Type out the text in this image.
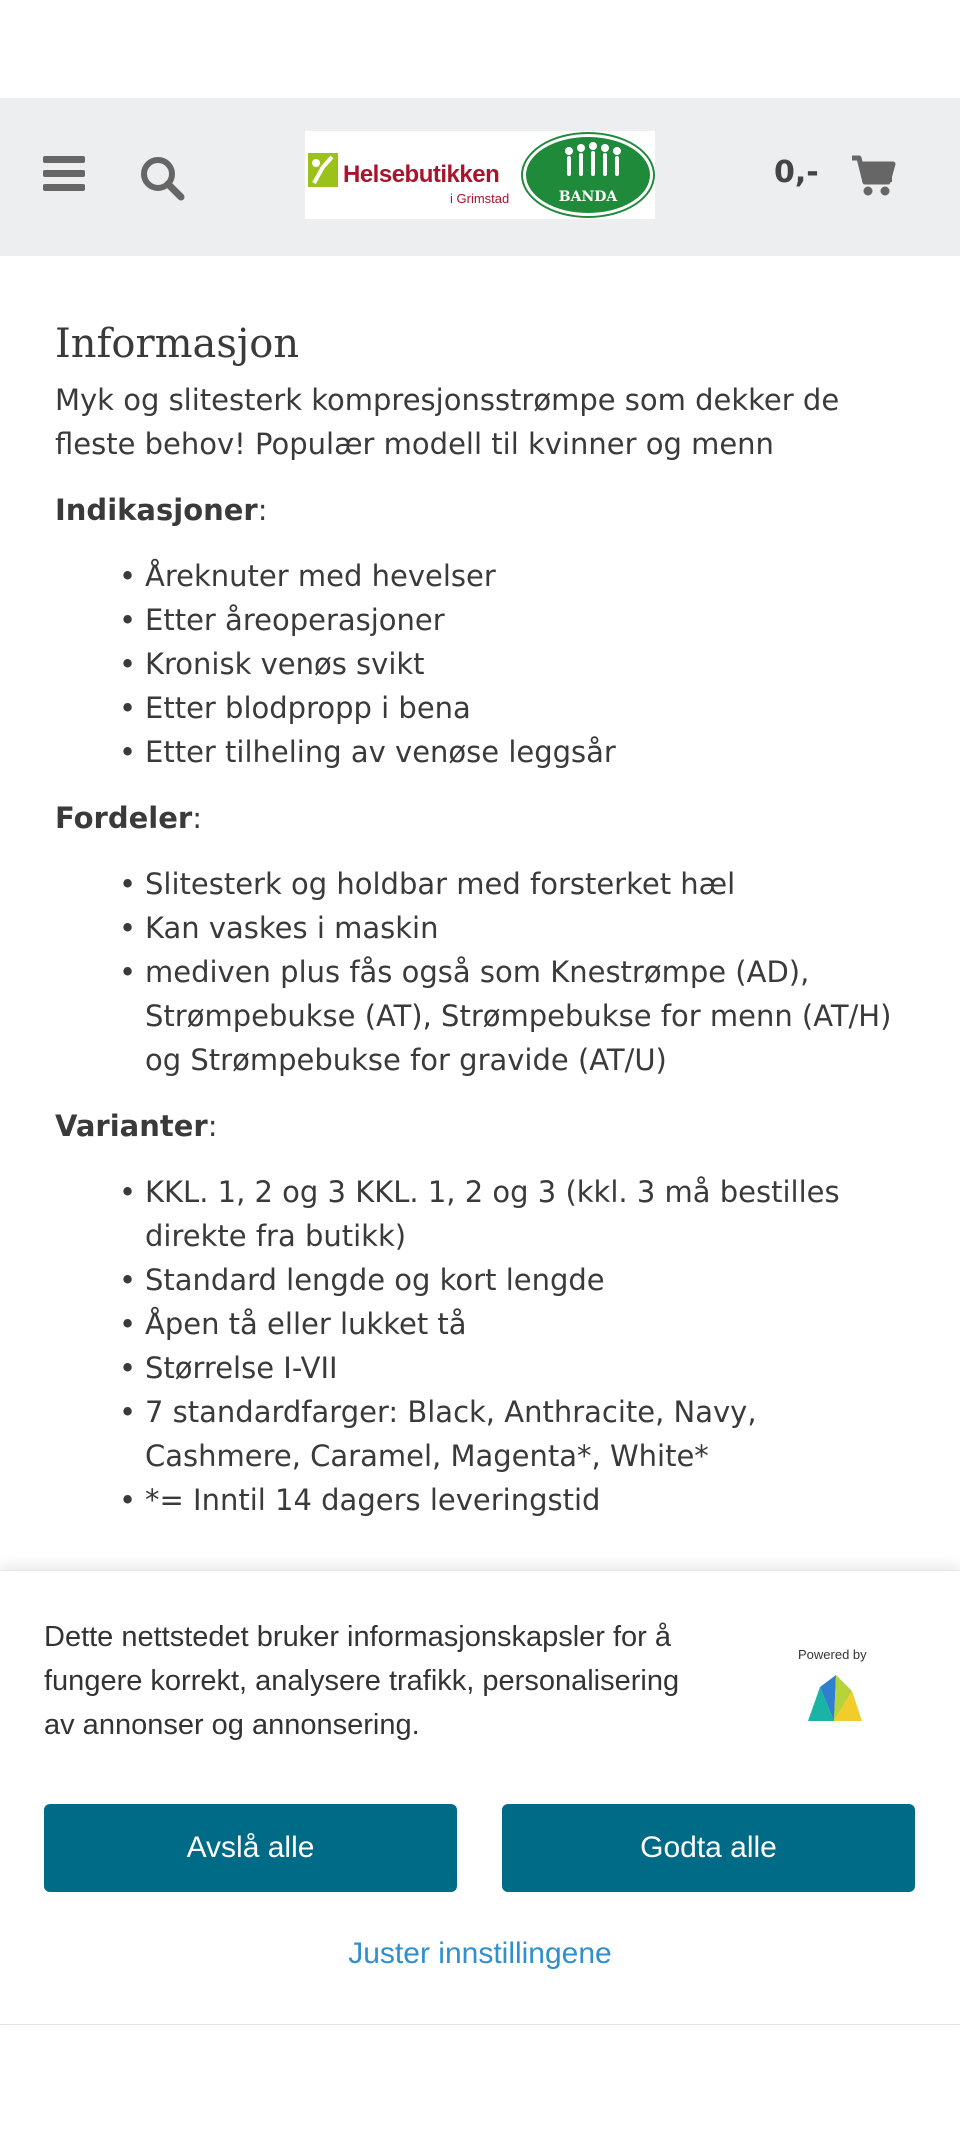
Helsebutikken
i Grimstad	BANDA
0,-
Informasjon

Myk og slitesterk kompresjonsstrømpe som dekker de fleste behov! Populær modell til kvinner og menn

Indikasjoner:

• Åreknuter med hevelser
• Etter åreoperasjoner
• Kronisk venøs svikt
• Etter blodpropp i bena
• Etter tilheling av venøse leggsår

Fordeler:

• Slitesterk og holdbar med forsterket hæl
• Kan vaskes i maskin
• mediven plus fås også som Knestrømpe (AD), Strømpebukse (AT), Strømpebukse for menn (AT/H) og Strømpebukse for gravide (AT/U)

Varianter:

• KKL. 1, 2 og 3 KKL. 1, 2 og 3 (kkl. 3 må bestilles direkte fra butikk)
• Standard lengde og kort lengde
• Åpen tå eller lukket tå
• Størrelse I-VII
• 7 standardfarger: Black, Anthracite, Navy, Cashmere, Caramel, Magenta*, White*
• *= Inntil 14 dagers leveringstid

Dette nettstedet bruker informasjonskapsler for å fungere korrekt, analysere trafikk, personalisering av annonser og annonsering.

Powered by
Avslå alle	Godta alle
Juster innstillingene
